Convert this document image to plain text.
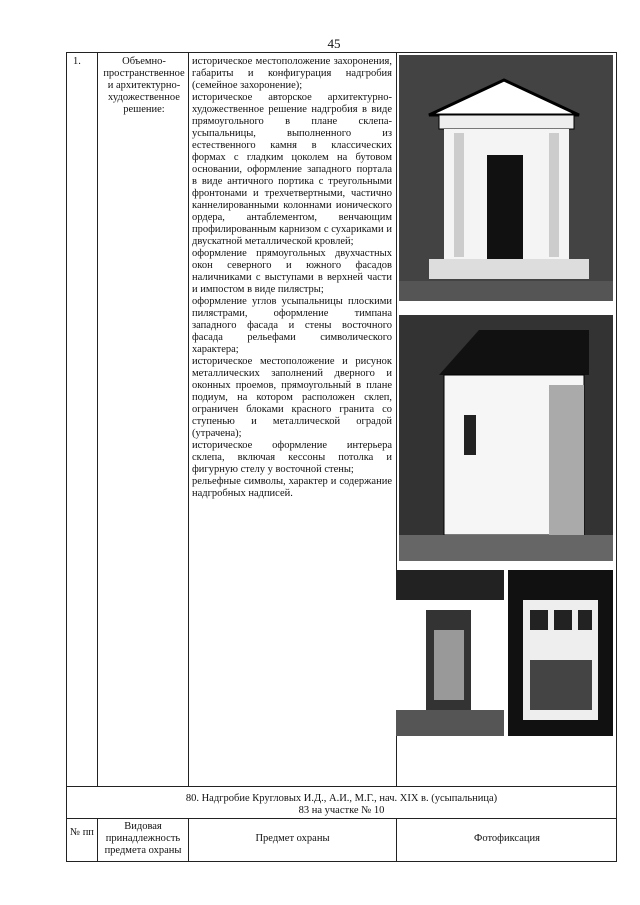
45
1.	Объемно-пространственное и архитектурно-художественное решение:

историческое местоположение захоронения, габариты и конфигурация надгробия (семейное захоронение);

историческое авторское архитектурно-художественное решение надгробия в виде прямоугольного в плане склепа-усыпальницы, выполненного из естественного камня в классических формах с гладким цоколем на бутовом основании, оформление западного портала в виде античного портика с треугольными фронтонами и трехчетвертными, частично каннелированными колоннами ионического ордера, антаблементом, венчающим профилированным карнизом с сухариками и двускатной металлической кровлей;

оформление прямоугольных двухчастных окон северного и южного фасадов наличниками с выступами в верхней части и импостом в виде пилястры;

оформление углов усыпальницы плоскими пилястрами, оформление тимпана западного фасада и стены восточного фасада рельефами символического характера;

историческое местоположение и рисунок металлических заполнений дверного и оконных проемов, прямоугольный в плане подиум, на котором расположен склеп, ограничен блоками красного гранита со ступенью и металлической оградой (утрачена);

историческое оформление интерьера склепа, включая кессоны потолка и фигурную стелу у восточной стены;

рельефные символы, характер и содержание надгробных надписей.

80. Надгробие Кругловых И.Д., А.И., М.Г., нач. XIX в. (усыпальница)
83 на участке № 10
№ пп
Видовая принадлежность предмета охраны
Предмет охраны	Фотофиксация
